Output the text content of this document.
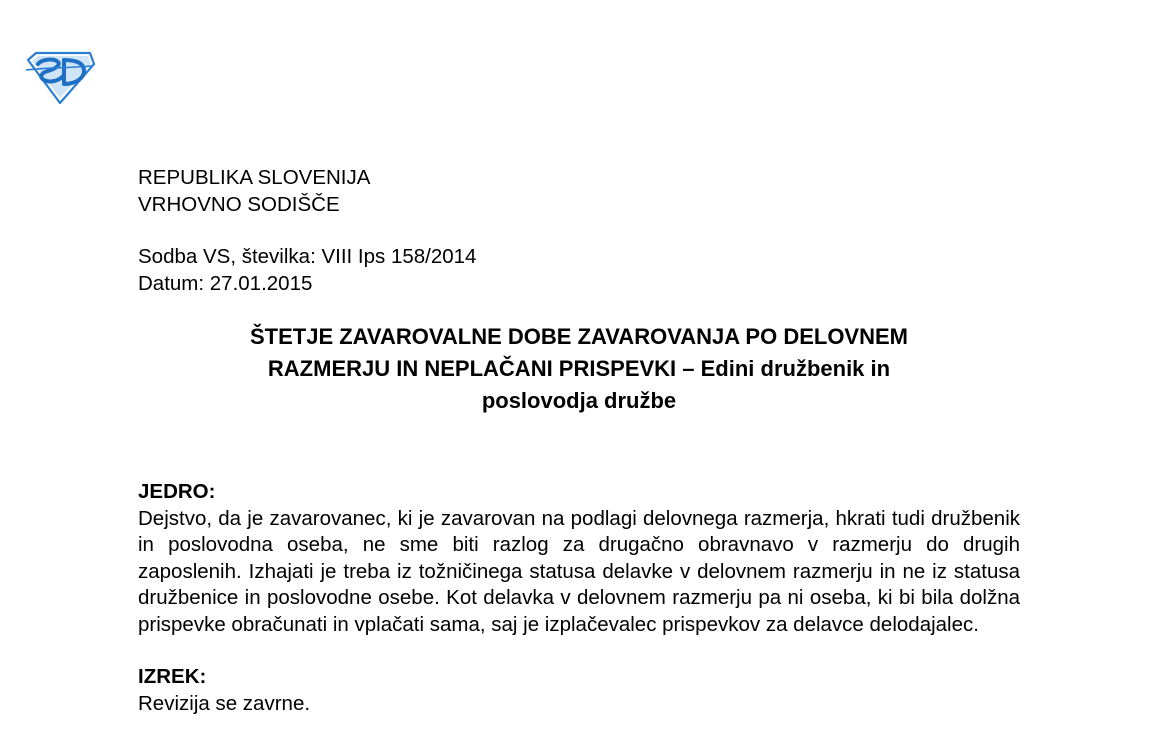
REPUBLIKA SLOVENIJA
VRHOVNO SODIŠČE
Sodba VS, številka: VIII Ips 158/2014
Datum: 27.01.2015
ŠTETJE ZAVAROVALNE DOBE ZAVAROVANJA PO DELOVNEM
RAZMERJU IN NEPLAČANI PRISPEVKI – Edini družbenik in
poslovodja družbe
JEDRO:
Dejstvo, da je zavarovanec, ki je zavarovan na podlagi delovnega razmerja, hkrati tudi družbenik in poslovodna oseba, ne sme biti razlog za drugačno obravnavo v razmerju do drugih zaposlenih. Izhajati je treba iz tožničinega statusa delavke v delovnem razmerju in ne iz statusa družbenice in poslovodne osebe. Kot delavka v delovnem razmerju pa ni oseba, ki bi bila dolžna prispevke obračunati in vplačati sama, saj je izplačevalec prispevkov za delavce delodajalec.
IZREK:
Revizija se zavrne.
